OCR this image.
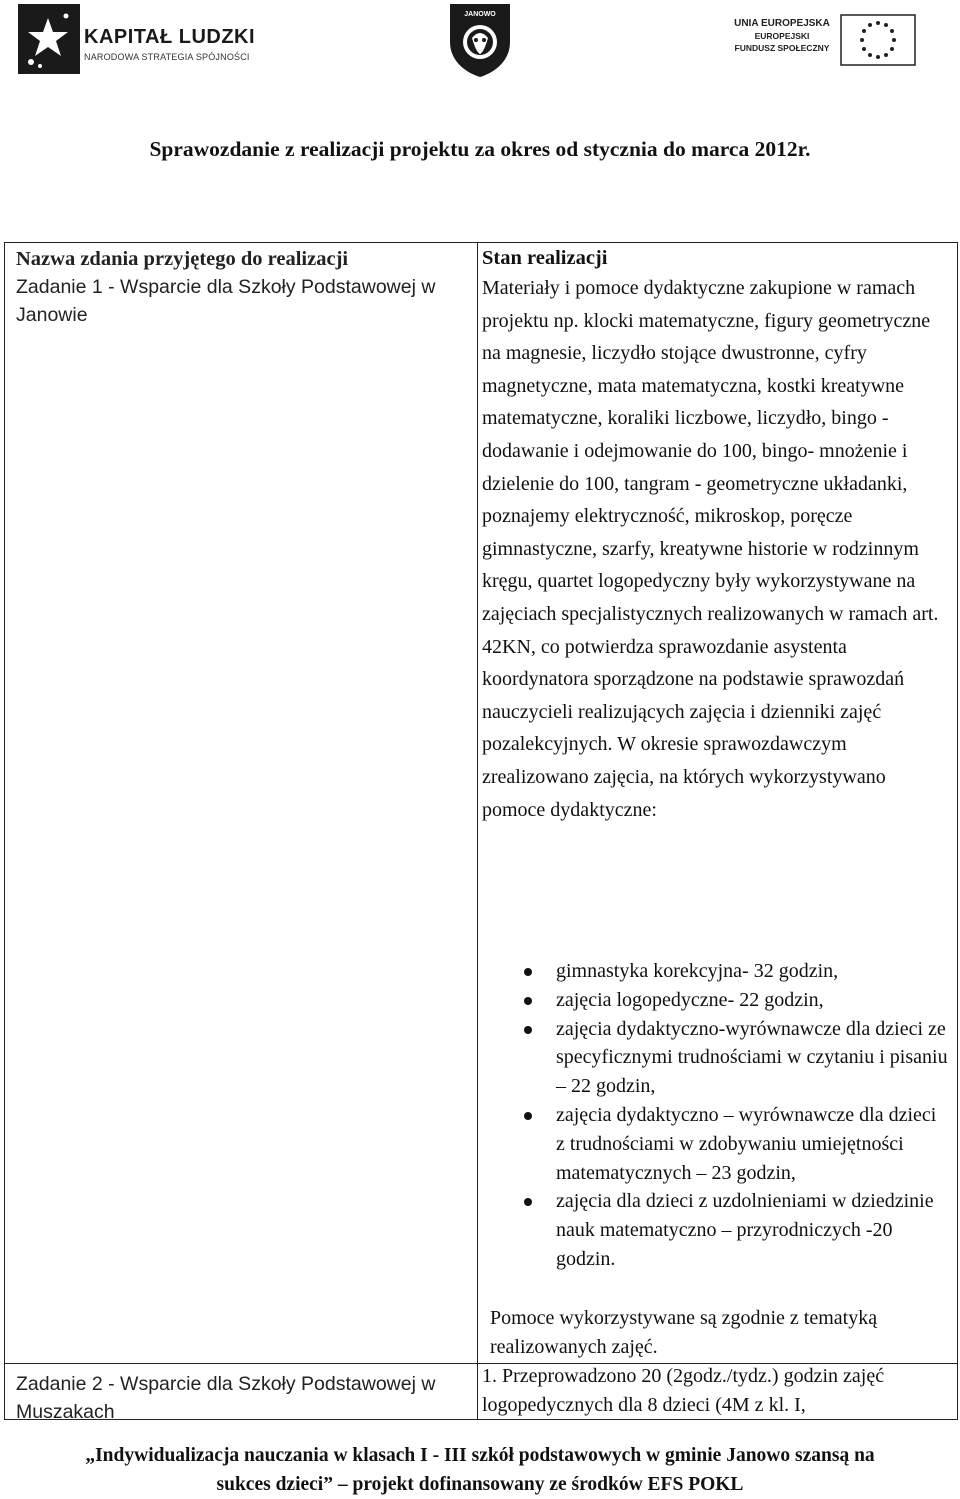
KAPITAŁ LUDZKI
NARODOWA STRATEGIA SPÓJNOŚCI
JANOWO
UNIA EUROPEJSKA
EUROPEJSKI
FUNDUSZ SPOŁECZNY
Sprawozdanie z realizacji projektu za okres od stycznia do marca 2012r.
Nazwa zdania przyjętego do realizacji
Zadanie 1 - Wsparcie dla Szkoły Podstawowej w Janowie
Zadanie 2 - Wsparcie dla Szkoły Podstawowej w Muszakach
Stan realizacji
Materiały i pomoce dydaktyczne zakupione w ramach projektu np. klocki matematyczne, figury geometryczne na magnesie, liczydło stojące dwustronne, cyfry magnetyczne, mata matematyczna, kostki kreatywne matematyczne, koraliki liczbowe, liczydło, bingo - dodawanie i odejmowanie do 100, bingo- mnożenie i dzielenie do 100, tangram - geometryczne układanki, poznajemy elektryczność, mikroskop, poręcze gimnastyczne, szarfy, kreatywne historie w rodzinnym kręgu, quartet logopedyczny były wykorzystywane na zajęciach specjalistycznych realizowanych w ramach art. 42KN, co potwierdza sprawozdanie asystenta koordynatora sporządzone na podstawie sprawozdań nauczycieli realizujących zajęcia i dzienniki zajęć pozalekcyjnych. W okresie sprawozdawczym zrealizowano zajęcia, na których wykorzystywano pomoce dydaktyczne:
gimnastyka korekcyjna- 32 godzin,
zajęcia logopedyczne- 22 godzin,
zajęcia dydaktyczno-wyrównawcze dla dzieci ze specyficznymi trudnościami w czytaniu i pisaniu – 22 godzin,
zajęcia dydaktyczno – wyrównawcze dla dzieci z trudnościami w zdobywaniu umiejętności matematycznych – 23 godzin,
zajęcia dla dzieci z uzdolnieniami w dziedzinie nauk matematyczno – przyrodniczych -20 godzin.
Pomoce wykorzystywane są zgodnie z tematyką realizowanych zajęć.
1. Przeprowadzono 20 (2godz./tydz.) godzin zajęć logopedycznych dla 8 dzieci (4M z kl. I,
„Indywidualizacja nauczania w klasach I - III szkół podstawowych w gminie Janowo szansą na
sukces dzieci” – projekt dofinansowany ze środków EFS POKL
